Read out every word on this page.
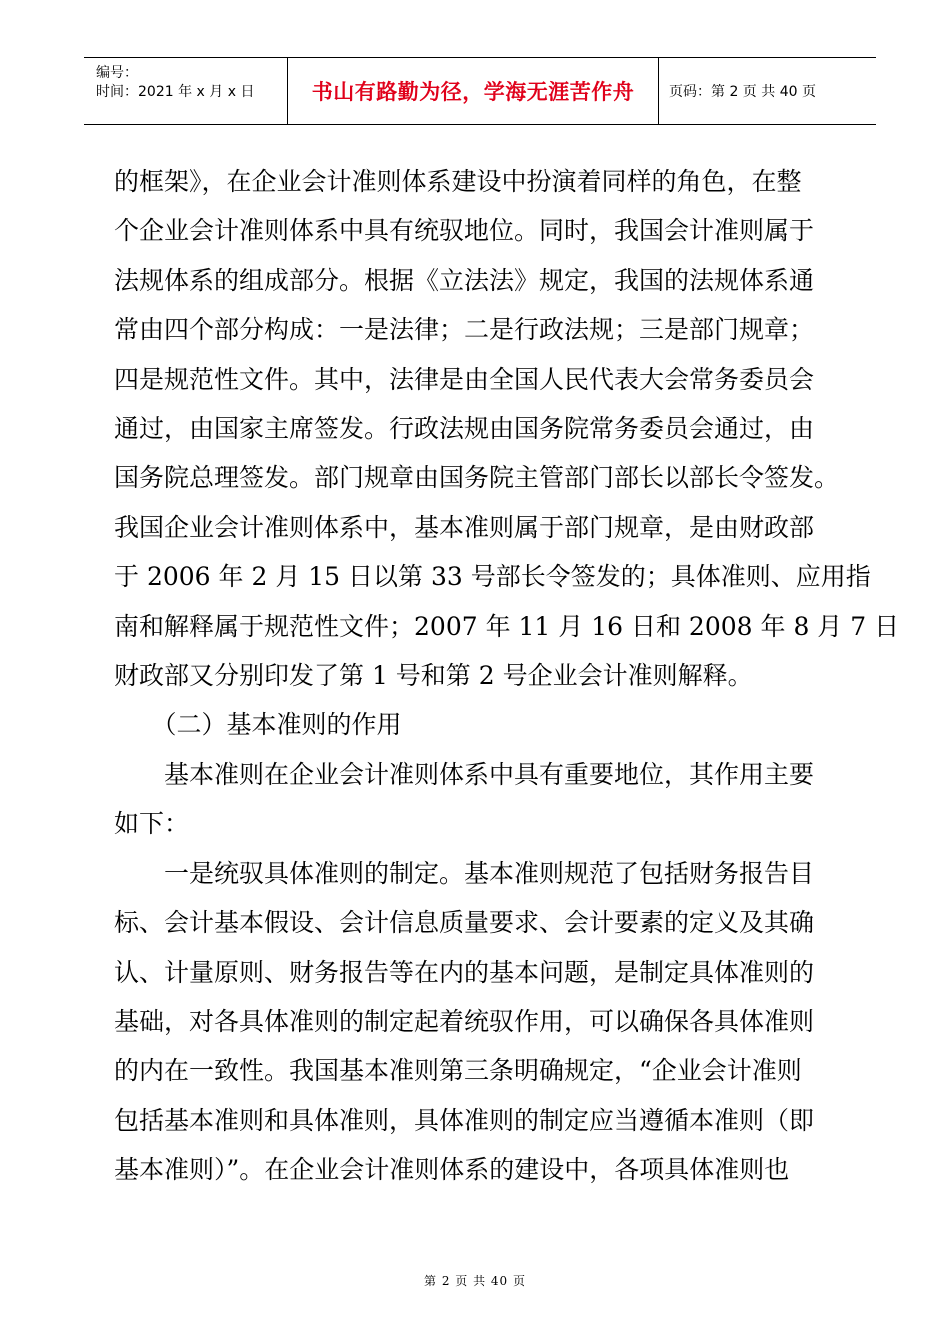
编号：
时间：2021 年 x 月 x 日	书山有路勤为径，学海无涯苦作舟	页码：第 2 页 共 40 页

的框架》，在企业会计准则体系建设中扮演着同样的角色，在整

个企业会计准则体系中具有统驭地位。同时，我国会计准则属于

法规体系的组成部分。根据《立法法》规定，我国的法规体系通

常由四个部分构成：一是法律；二是行政法规；三是部门规章；

四是规范性文件。其中，法律是由全国人民代表大会常务委员会

通过，由国家主席签发。行政法规由国务院常务委员会通过，由

国务院总理签发。部门规章由国务院主管部门部长以部长令签发。

我国企业会计准则体系中，基本准则属于部门规章，是由财政部

于 2006 年 2 月 15 日以第 33 号部长令签发的；具体准则、应用指

南和解释属于规范性文件；2007 年 11 月 16 日和 2008 年 8 月 7 日

财政部又分别印发了第 1 号和第 2 号企业会计准则解释。

　　（二）基本准则的作用

　　基本准则在企业会计准则体系中具有重要地位，其作用主要

如下：

　　一是统驭具体准则的制定。基本准则规范了包括财务报告目

标、会计基本假设、会计信息质量要求、会计要素的定义及其确

认、计量原则、财务报告等在内的基本问题，是制定具体准则的

基础，对各具体准则的制定起着统驭作用，可以确保各具体准则

的内在一致性。我国基本准则第三条明确规定，“企业会计准则

包括基本准则和具体准则，具体准则的制定应当遵循本准则（即

基本准则）”。在企业会计准则体系的建设中，各项具体准则也

第 2 页 共 40 页
